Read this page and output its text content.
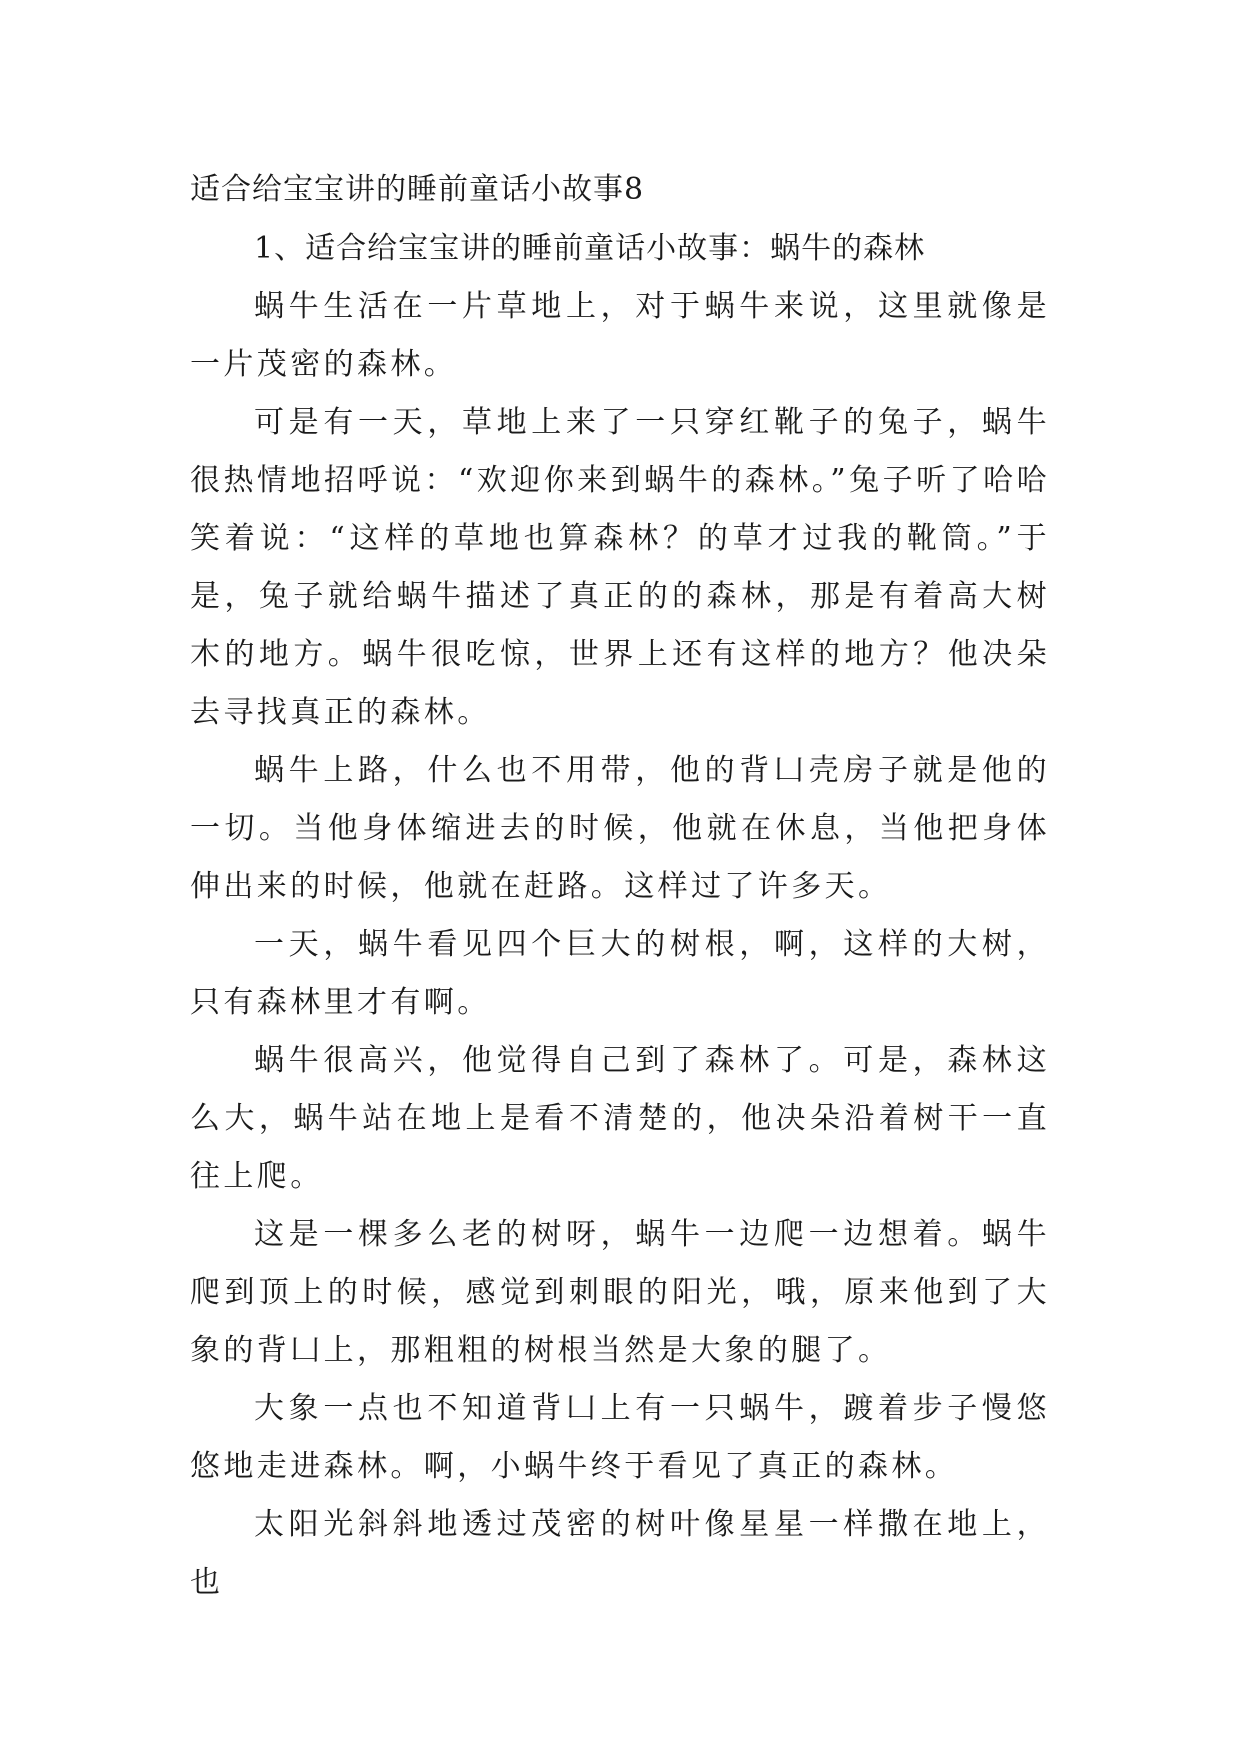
适合给宝宝讲的睡前童话小故事8
1、适合给宝宝讲的睡前童话小故事：蜗牛的森林

蜗牛生活在一片草地上，对于蜗牛来说，这里就像是一片茂密的森林。

可是有一天，草地上来了一只穿红靴子的兔子，蜗牛很热情地招呼说：“欢迎你来到蜗牛的森林。”兔子听了哈哈笑着说：“这样的草地也算森林？的草才过我的靴筒。”于是，兔子就给蜗牛描述了真正的的森林，那是有着高大树木的地方。蜗牛很吃惊，世界上还有这样的地方？他决朵去寻找真正的森林。

蜗牛上路，什么也不用带，他的背凵壳房子就是他的一切。当他身体缩进去的时候，他就在休息，当他把身体伸出来的时候，他就在赶路。这样过了许多天。

一天，蜗牛看见四个巨大的树根，啊，这样的大树，只有森林里才有啊。

蜗牛很高兴，他觉得自己到了森林了。可是，森林这么大，蜗牛站在地上是看不清楚的，他决朵沿着树干一直往上爬。

这是一棵多么老的树呀，蜗牛一边爬一边想着。蜗牛爬到顶上的时候，感觉到刺眼的阳光，哦，原来他到了大象的背凵上，那粗粗的树根当然是大象的腿了。

大象一点也不知道背凵上有一只蜗牛，踱着步子慢悠悠地走进森林。啊，小蜗牛终于看见了真正的森林。

太阳光斜斜地透过茂密的树叶像星星一样撒在地上，也
